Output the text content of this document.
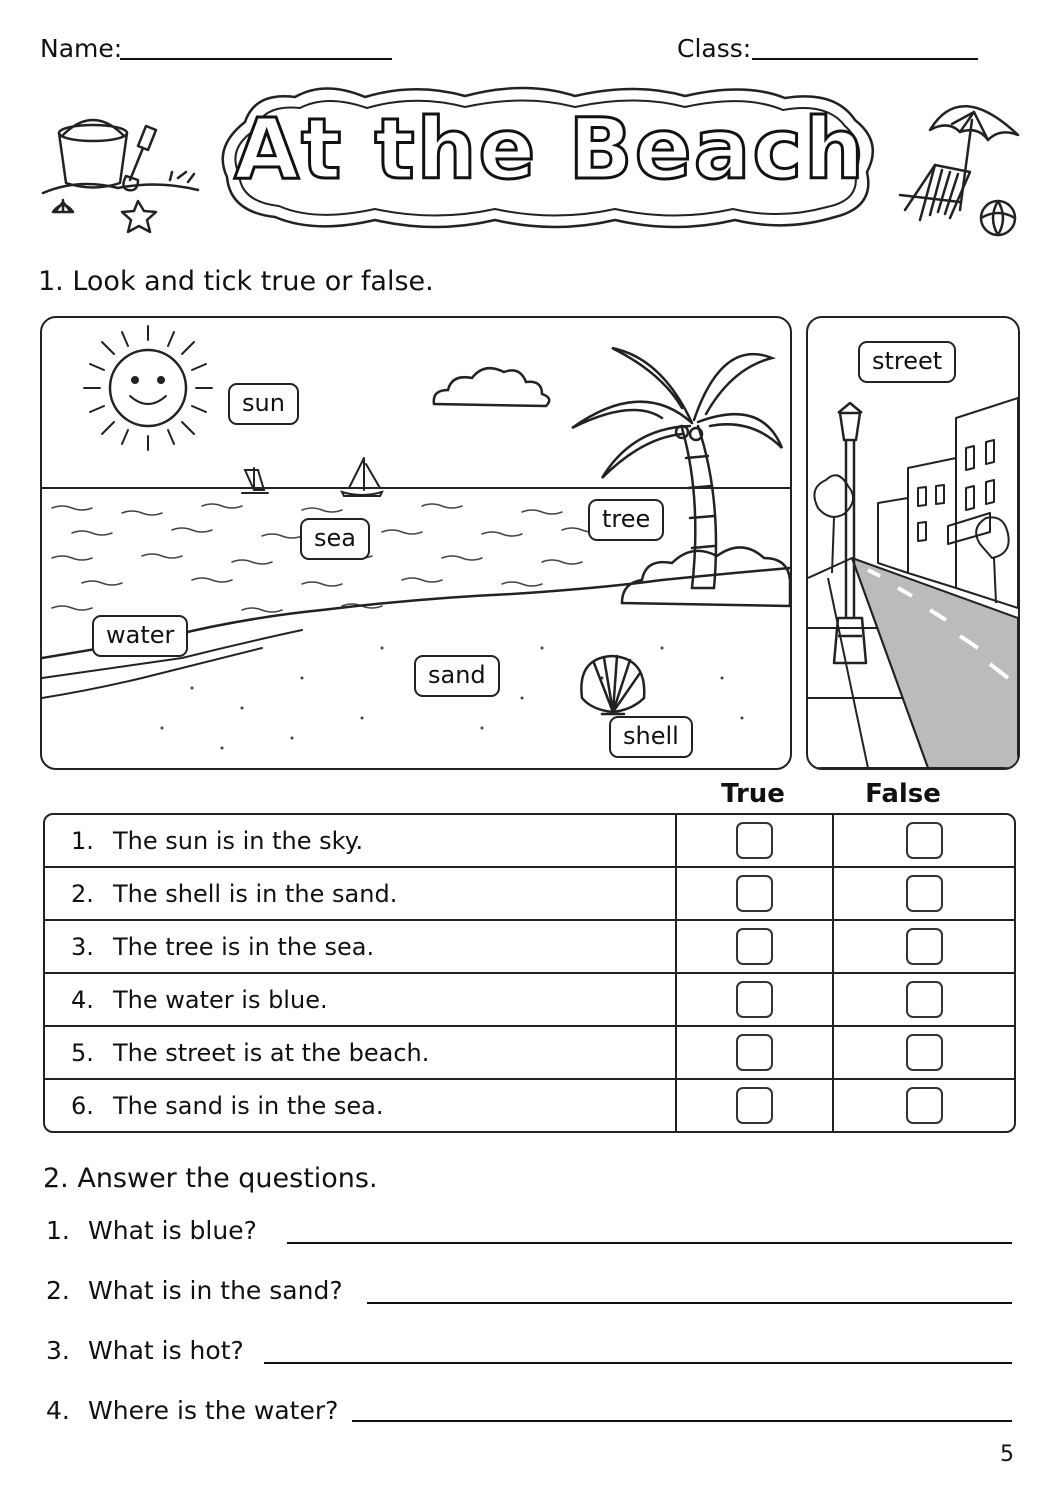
Name:	Class:
At the Beach
1. Look and tick true or false.
sun
sea
tree
water
sand
shell
street
True	False
1. The sun is in the sky.		
2. The shell is in the sand.		
3. The tree is in the sea.		
4. The water is blue.		
5. The street is at the beach.		
6. The sand is in the sea.		
2. Answer the questions.
1. What is blue?
2. What is in the sand?
3. What is hot?
4. Where is the water?
5
